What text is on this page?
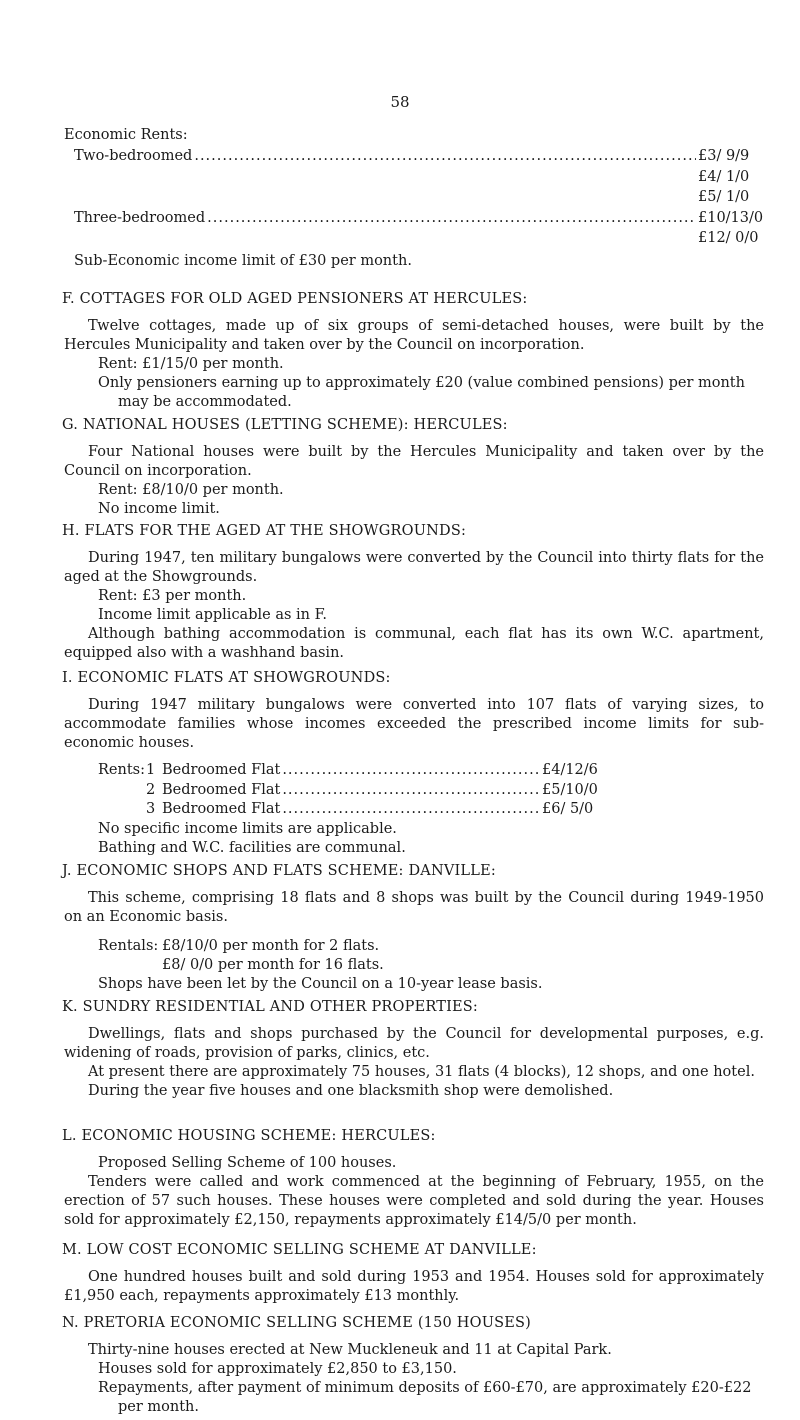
58
Economic Rents:
Two-bedroomed .....	£3/ 9/9
£4/ 1/0
£5/ 1/0
Three-bedroomed .....	£10/13/0
£12/ 0/0
Sub-Economic income limit of £30 per month.
F. COTTAGES FOR OLD AGED PENSIONERS AT HERCULES:

Twelve cottages, made up of six groups of semi-detached houses, were built by the Hercules Municipality and taken over by the Council on incorporation.

Rent: £1/15/0 per month.

Only pensioners earning up to approximately £20 (value combined pensions) per month may be accommodated.

G. NATIONAL HOUSES (LETTING SCHEME): HERCULES:

Four National houses were built by the Hercules Municipality and taken over by the Council on incorporation.

Rent: £8/10/0 per month.

No income limit.

H. FLATS FOR THE AGED AT THE SHOWGROUNDS:

During 1947, ten military bungalows were converted by the Council into thirty flats for the aged at the Showgrounds.

Rent: £3 per month.

Income limit applicable as in F.

Although bathing accommodation is communal, each flat has its own W.C. apartment, equipped also with a washhand basin.

I. ECONOMIC FLATS AT SHOWGROUNDS:

During 1947 military bungalows were converted into 107 flats of varying sizes, to accommodate families whose incomes exceeded the prescribed income limits for sub-economic houses.

Rents: 1 Bedroomed Flat .....	£4/12/6
2 Bedroomed Flat .....	£5/10/0
3 Bedroomed Flat .....	£6/ 5/0

No specific income limits are applicable.

Bathing and W.C. facilities are communal.

J. ECONOMIC SHOPS AND FLATS SCHEME: DANVILLE:

This scheme, comprising 18 flats and 8 shops was built by the Council during 1949-1950 on an Economic basis.

Rentals: £8/10/0 per month for 2 flats.
£8/ 0/0 per month for 16 flats.

Shops have been let by the Council on a 10-year lease basis.

K. SUNDRY RESIDENTIAL AND OTHER PROPERTIES:

Dwellings, flats and shops purchased by the Council for developmental purposes, e.g. widening of roads, provision of parks, clinics, etc.

At present there are approximately 75 houses, 31 flats (4 blocks), 12 shops, and one hotel.

During the year five houses and one blacksmith shop were demolished.

L. ECONOMIC HOUSING SCHEME: HERCULES:

Proposed Selling Scheme of 100 houses.

Tenders were called and work commenced at the beginning of February, 1955, on the erection of 57 such houses. These houses were completed and sold during the year. Houses sold for approximately £2,150, repayments approximately £14/5/0 per month.

M. LOW COST ECONOMIC SELLING SCHEME AT DANVILLE:

One hundred houses built and sold during 1953 and 1954. Houses sold for approximately £1,950 each, repayments approximately £13 monthly.

N. PRETORIA ECONOMIC SELLING SCHEME (150 HOUSES)

Thirty-nine houses erected at New Muckleneuk and 11 at Capital Park.

Houses sold for approximately £2,850 to £3,150.

Repayments, after payment of minimum deposits of £60-£70, are approximately £20-£22 per month.
